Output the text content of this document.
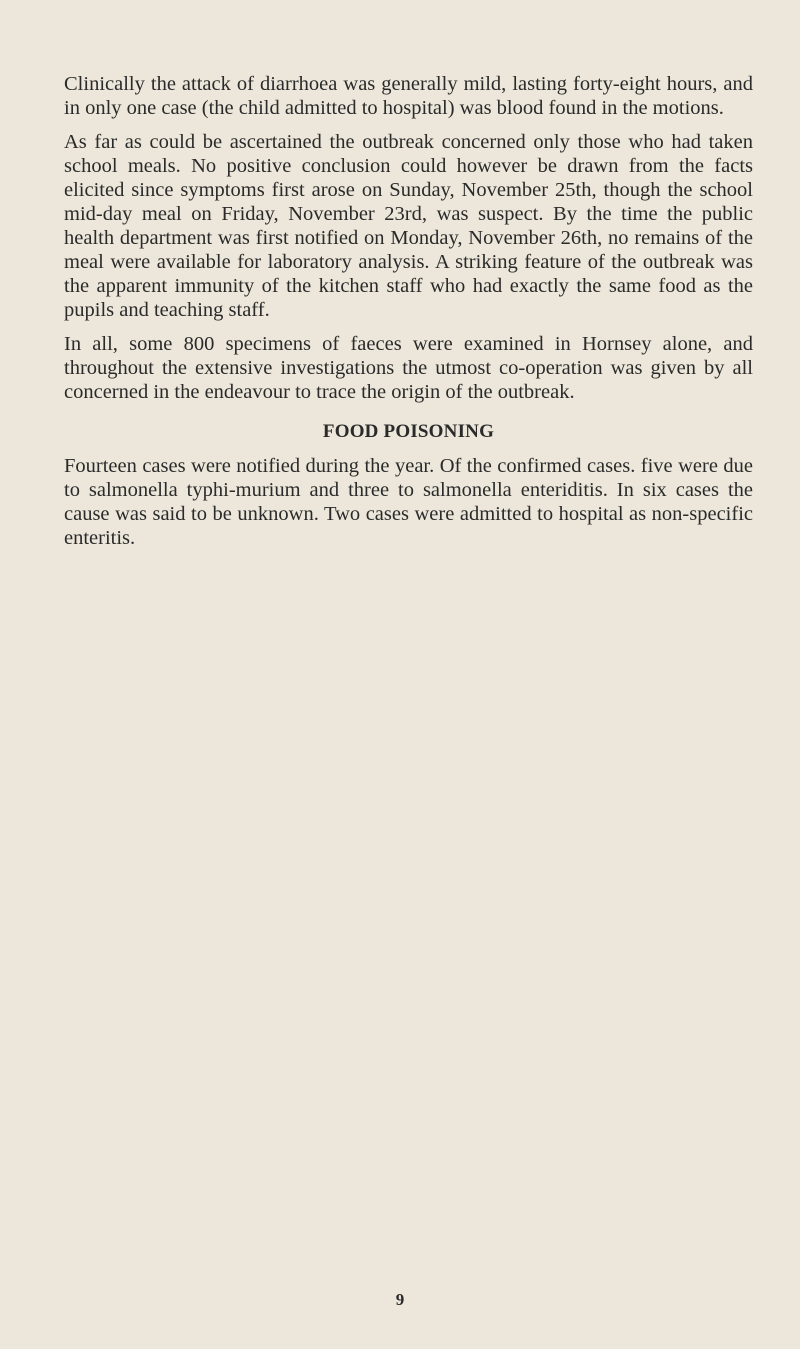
Clinically the attack of diarrhoea was generally mild, lasting forty-eight hours, and in only one case (the child admitted to hospital) was blood found in the motions.

As far as could be ascertained the outbreak concerned only those who had taken school meals. No positive conclusion could however be drawn from the facts elicited since symptoms first arose on Sunday, November 25th, though the school mid-day meal on Friday, November 23rd, was suspect. By the time the public health department was first notified on Monday, November 26th, no remains of the meal were available for laboratory analysis. A striking feature of the outbreak was the apparent immunity of the kitchen staff who had exactly the same food as the pupils and teaching staff.

In all, some 800 specimens of faeces were examined in Hornsey alone, and throughout the extensive investigations the utmost co-operation was given by all concerned in the endeavour to trace the origin of the outbreak.

FOOD POISONING

Fourteen cases were notified during the year. Of the confirmed cases. five were due to salmonella typhi-murium and three to salmonella enteriditis. In six cases the cause was said to be unknown. Two cases were admitted to hospital as non-specific enteritis.

9
